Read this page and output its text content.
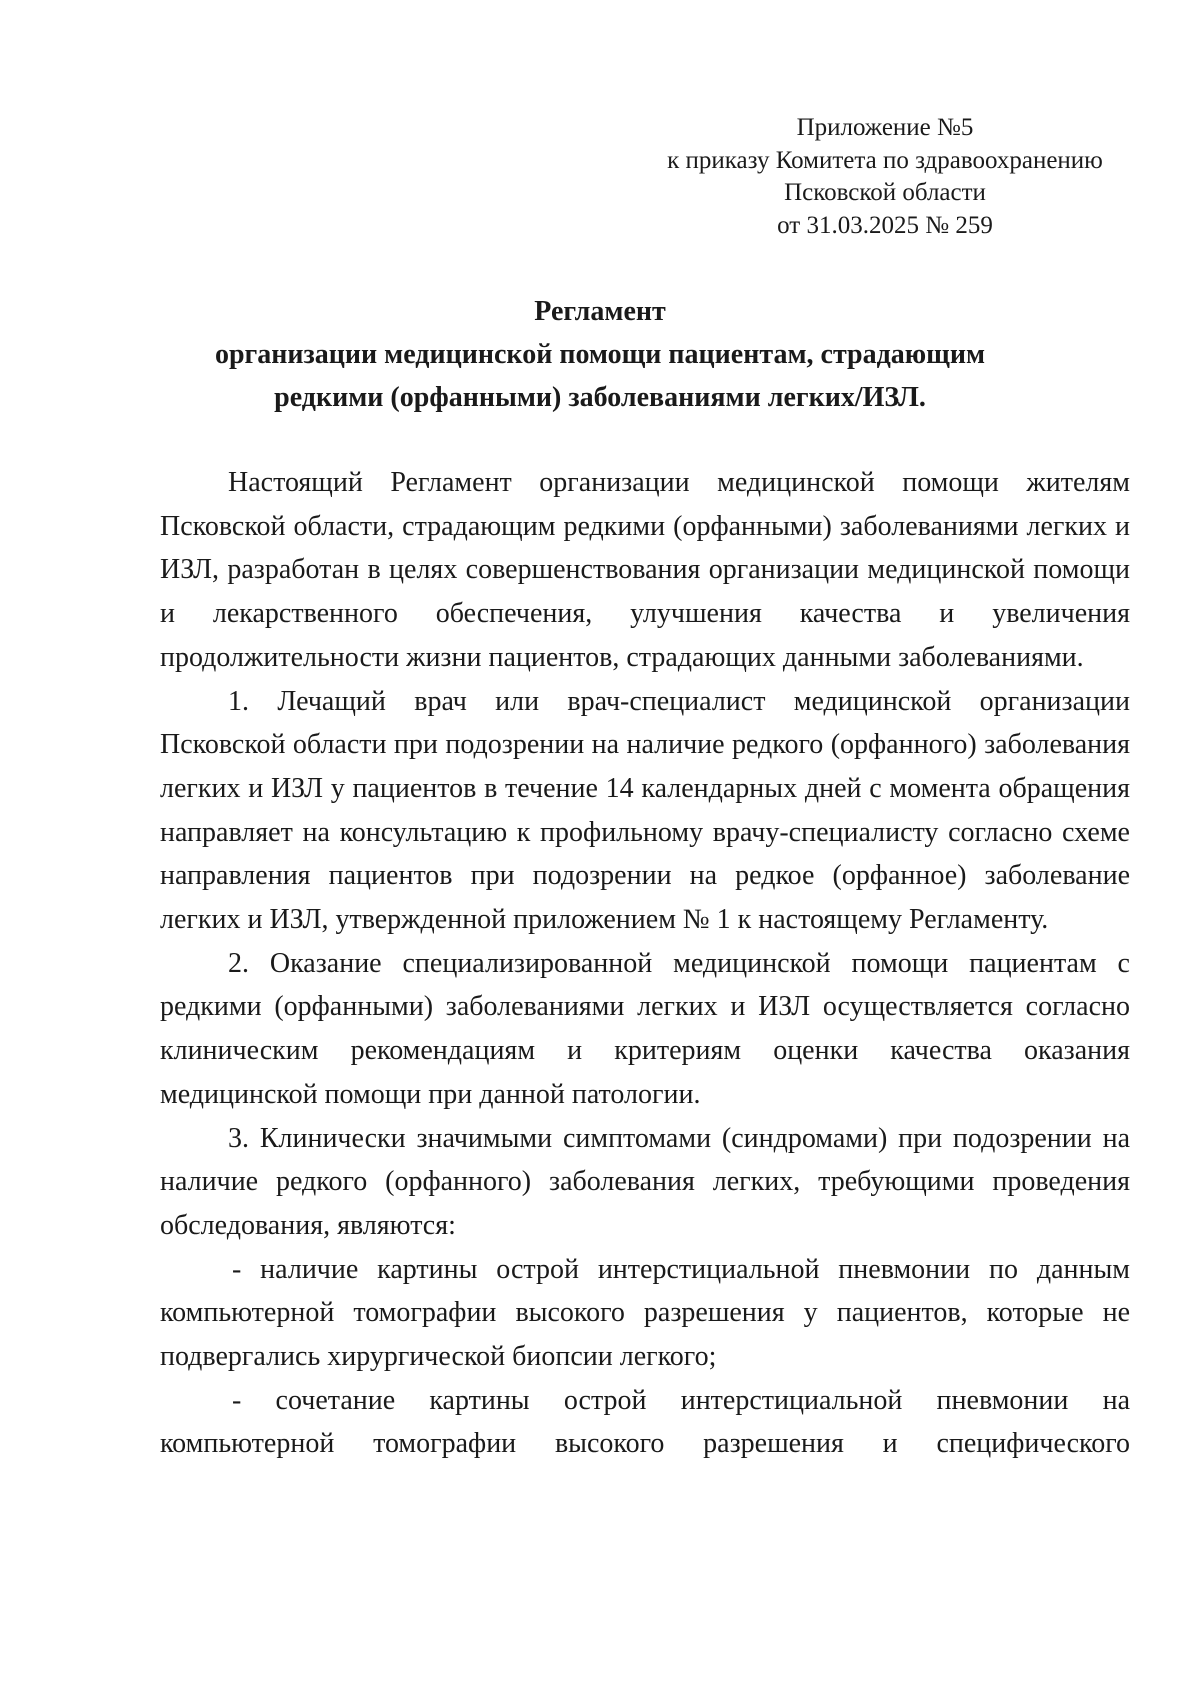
Приложение №5
к приказу Комитета по здравоохранению
Псковской области
от 31.03.2025 № 259
Регламент
организации медицинской помощи пациентам, страдающим
редкими (орфанными) заболеваниями легких/ИЗЛ.

Настоящий Регламент организации медицинской помощи жителям Псковской области, страдающим редкими (орфанными) заболеваниями легких и ИЗЛ, разработан в целях совершенствования организации медицинской помощи и лекарственного обеспечения, улучшения качества и увеличения продолжительности жизни пациентов, страдающих данными заболеваниями.

1. Лечащий врач или врач-специалист медицинской организации Псковской области при подозрении на наличие редкого (орфанного) заболевания легких и ИЗЛ у пациентов в течение 14 календарных дней с момента обращения направляет на консультацию к профильному врачу-специалисту согласно схеме направления пациентов при подозрении на редкое (орфанное) заболевание легких и ИЗЛ, утвержденной приложением № 1 к настоящему Регламенту.

2. Оказание специализированной медицинской помощи пациентам с редкими (орфанными) заболеваниями легких и ИЗЛ осуществляется согласно клиническим рекомендациям и критериям оценки качества оказания медицинской помощи при данной патологии.

3. Клинически значимыми симптомами (синдромами) при подозрении на наличие редкого (орфанного) заболевания легких, требующими проведения обследования, являются:

- наличие картины острой интерстициальной пневмонии по данным компьютерной томографии высокого разрешения у пациентов, которые не подвергались хирургической биопсии легкого;

- сочетание картины острой интерстициальной пневмонии на компьютерной томографии высокого разрешения и специфического
